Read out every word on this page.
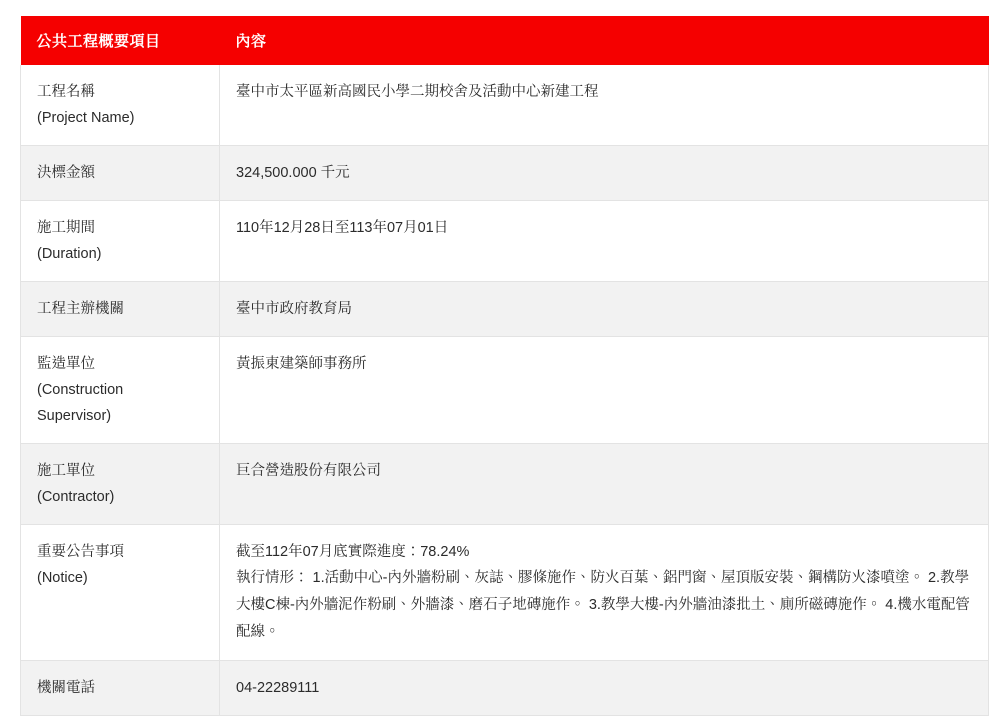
公共工程概要項目	內容

工程名稱
(Project Name)	臺中市太平區新高國民小學二期校舍及活動中心新建工程

決標金額	324,500.000 千元

施工期間
(Duration)	110年12月28日至113年07月01日

工程主辦機關	臺中市政府教育局

監造單位
(Construction
Supervisor)	黃振東建築師事務所

施工單位
(Contractor)	巨合營造股份有限公司

重要公告事項
(Notice)	截至112年07月底實際進度：78.24%
執行情形： 1.活動中心-內外牆粉刷、灰誌、膠條施作、防火百葉、鋁門窗、屋頂版安裝、鋼構防火漆噴塗。 2.教學大樓C棟-內外牆泥作粉刷、外牆漆、磨石子地磚施作。 3.教學大樓-內外牆油漆批土、廁所磁磚施作。 4.機水電配管配線。

機關電話	04-22289111
